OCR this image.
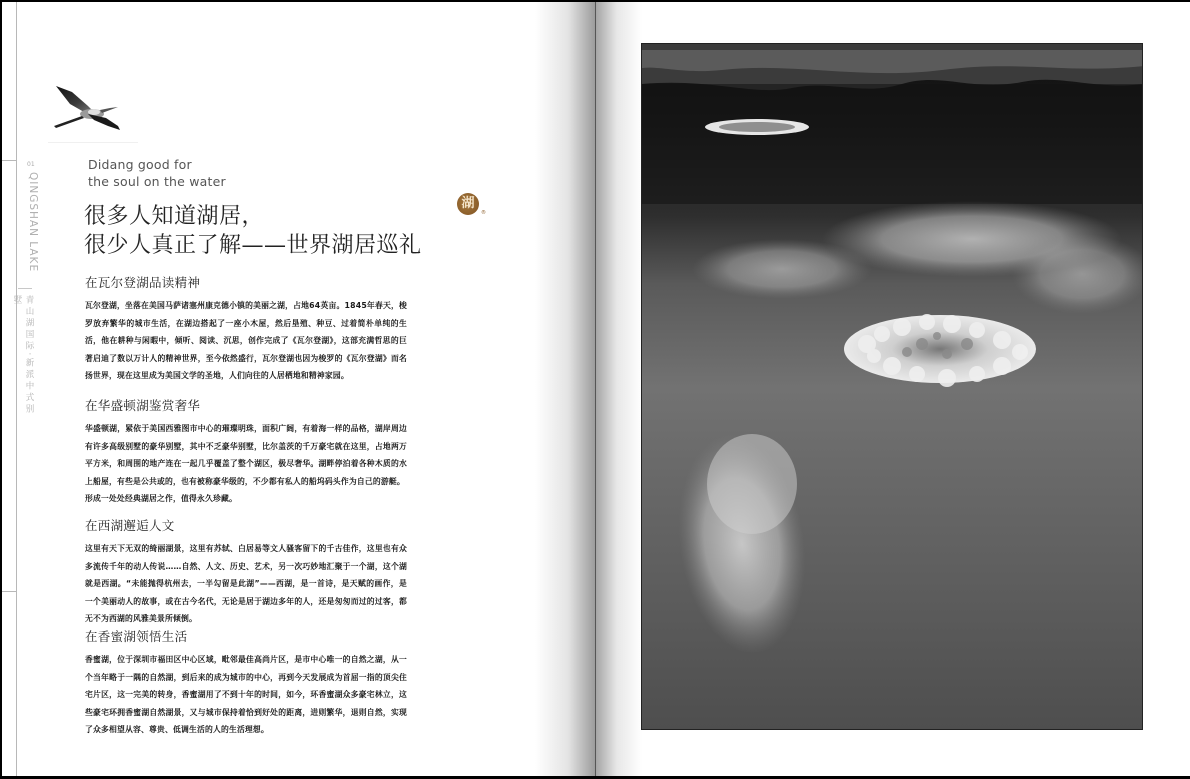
01
QINGSHAN LAKE
青山湖国际·新派中式别墅
Didang good for
the soul on the water
很多人知道湖居，
很少人真正了解——世界湖居巡礼
湖
®
在瓦尔登湖品读精神

瓦尔登湖，坐落在美国马萨诸塞州康克德小镇的美丽之湖，占地64英亩。1845年春天，梭罗放弃繁华的城市生活，在湖边搭起了一座小木屋，然后垦殖、种豆、过着简朴单纯的生活，他在耕种与闲暇中，倾听、阅读、沉思，创作完成了《瓦尔登湖》，这部充满哲思的巨著启迪了数以万计人的精神世界，至今依然盛行，瓦尔登湖也因为梭罗的《瓦尔登湖》而名扬世界，现在这里成为美国文学的圣地，人们向往的人居栖地和精神家园。

在华盛顿湖鉴赏奢华

华盛顿湖，紧依于美国西雅图市中心的璀璨明珠，面积广阔，有着海一样的品格，湖岸周边有许多高级别墅的豪华别墅，其中不乏豪华别墅，比尔盖茨的千万豪宅就在这里，占地两万平方米，和周围的地产连在一起几乎覆盖了整个湖区，极尽奢华。湖畔停泊着各种木质的水上船屋，有些是公共或的，也有被称豪华级的，不少都有私人的船坞码头作为自己的游艇。

形成一处处经典湖居之作，值得永久珍藏。

在西湖邂逅人文

这里有天下无双的绮丽湖景，这里有苏轼、白居易等文人骚客留下的千古佳作，这里也有众多流传千年的动人传说……自然、人文、历史、艺术，另一次巧妙地汇聚于一个湖，这个湖就是西湖。“未能抛得杭州去，一半勾留是此湖”——西湖，是一首诗，是天赋的画作，是一个美丽动人的故事，或在古今名代，无论是居于湖边多年的人，还是匆匆而过的过客，都无不为西湖的风雅美景所倾倒。

在香蜜湖领悟生活

香蜜湖，位于深圳市福田区中心区域，毗邻最佳高尚片区，是市中心唯一的自然之湖，从一个当年略于一隅的自然湖，到后来的成为城市的中心，再到今天发展成为首屈一指的顶尖住宅片区，这一完美的转身，香蜜湖用了不到十年的时间，如今，环香蜜湖众多豪宅林立，这些豪宅环拥香蜜湖自然湖景，又与城市保持着恰到好处的距离，进则繁华，退则自然，实现了众多相望从容、尊贵、低调生活的人的生活理想。
